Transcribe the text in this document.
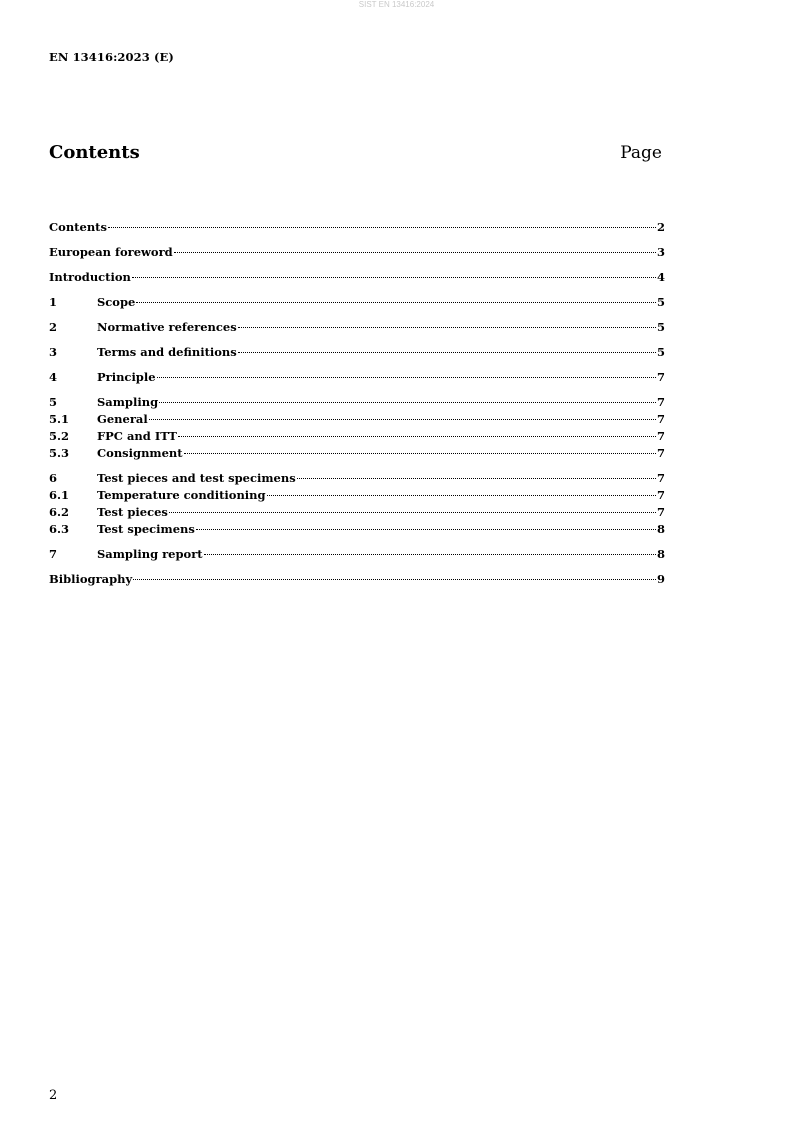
SIST EN 13416:2024
EN 13416:2023 (E)
Contents	Page
Contents	2
European foreword	3
Introduction	4
1	Scope	5
2	Normative references	5
3	Terms and definitions	5
4	Principle	7
5	Sampling	7
5.1	General	7
5.2	FPC and ITT	7
5.3	Consignment	7
6	Test pieces and test specimens	7
6.1	Temperature conditioning	7
6.2	Test pieces	7
6.3	Test specimens	8
7	Sampling report	8
Bibliography	9
2
